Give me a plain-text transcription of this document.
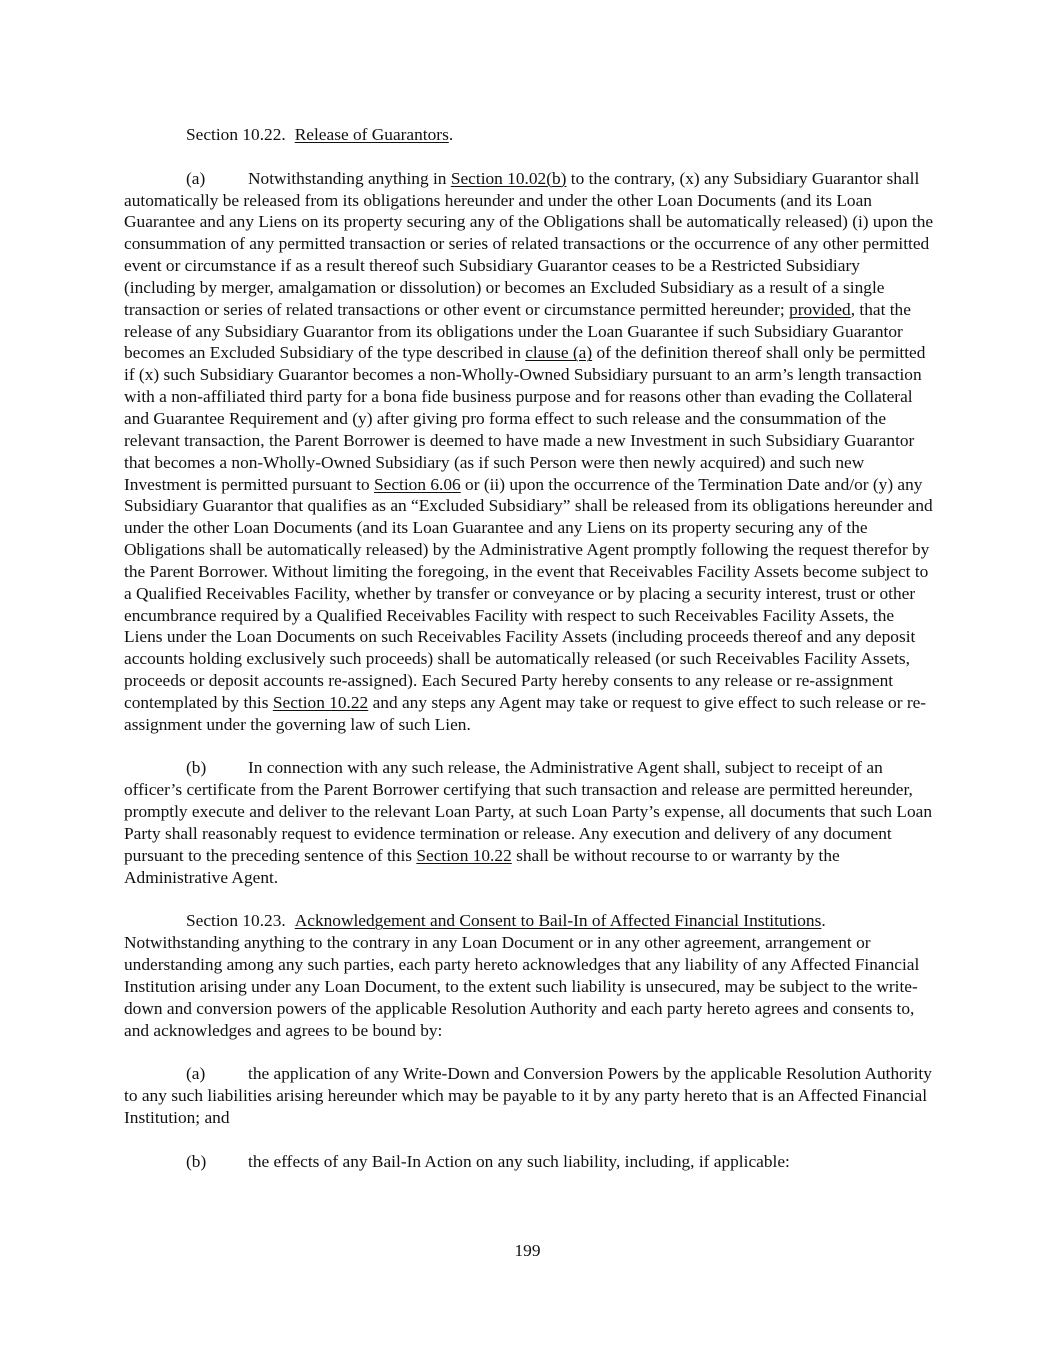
Section 10.22. Release of Guarantors.

(a) Notwithstanding anything in Section 10.02(b) to the contrary, (x) any Subsidiary Guarantor shall automatically be released from its obligations hereunder and under the other Loan Documents (and its Loan Guarantee and any Liens on its property securing any of the Obligations shall be automatically released) (i) upon the consummation of any permitted transaction or series of related transactions or the occurrence of any other permitted event or circumstance if as a result thereof such Subsidiary Guarantor ceases to be a Restricted Subsidiary (including by merger, amalgamation or dissolution) or becomes an Excluded Subsidiary as a result of a single transaction or series of related transactions or other event or circumstance permitted hereunder; provided, that the release of any Subsidiary Guarantor from its obligations under the Loan Guarantee if such Subsidiary Guarantor becomes an Excluded Subsidiary of the type described in clause (a) of the definition thereof shall only be permitted if (x) such Subsidiary Guarantor becomes a non-Wholly-Owned Subsidiary pursuant to an arm’s length transaction with a non-affiliated third party for a bona fide business purpose and for reasons other than evading the Collateral and Guarantee Requirement and (y) after giving pro forma effect to such release and the consummation of the relevant transaction, the Parent Borrower is deemed to have made a new Investment in such Subsidiary Guarantor that becomes a non-Wholly-Owned Subsidiary (as if such Person were then newly acquired) and such new Investment is permitted pursuant to Section 6.06 or (ii) upon the occurrence of the Termination Date and/or (y) any Subsidiary Guarantor that qualifies as an “Excluded Subsidiary” shall be released from its obligations hereunder and under the other Loan Documents (and its Loan Guarantee and any Liens on its property securing any of the Obligations shall be automatically released) by the Administrative Agent promptly following the request therefor by the Parent Borrower. Without limiting the foregoing, in the event that Receivables Facility Assets become subject to a Qualified Receivables Facility, whether by transfer or conveyance or by placing a security interest, trust or other encumbrance required by a Qualified Receivables Facility with respect to such Receivables Facility Assets, the Liens under the Loan Documents on such Receivables Facility Assets (including proceeds thereof and any deposit accounts holding exclusively such proceeds) shall be automatically released (or such Receivables Facility Assets, proceeds or deposit accounts re-assigned). Each Secured Party hereby consents to any release or re-assignment contemplated by this Section 10.22 and any steps any Agent may take or request to give effect to such release or re-assignment under the governing law of such Lien.

(b) In connection with any such release, the Administrative Agent shall, subject to receipt of an officer’s certificate from the Parent Borrower certifying that such transaction and release are permitted hereunder, promptly execute and deliver to the relevant Loan Party, at such Loan Party’s expense, all documents that such Loan Party shall reasonably request to evidence termination or release. Any execution and delivery of any document pursuant to the preceding sentence of this Section 10.22 shall be without recourse to or warranty by the Administrative Agent.

Section 10.23. Acknowledgement and Consent to Bail-In of Affected Financial Institutions. Notwithstanding anything to the contrary in any Loan Document or in any other agreement, arrangement or understanding among any such parties, each party hereto acknowledges that any liability of any Affected Financial Institution arising under any Loan Document, to the extent such liability is unsecured, may be subject to the write-down and conversion powers of the applicable Resolution Authority and each party hereto agrees and consents to, and acknowledges and agrees to be bound by:

(a) the application of any Write-Down and Conversion Powers by the applicable Resolution Authority to any such liabilities arising hereunder which may be payable to it by any party hereto that is an Affected Financial Institution; and

(b) the effects of any Bail-In Action on any such liability, including, if applicable:

199
